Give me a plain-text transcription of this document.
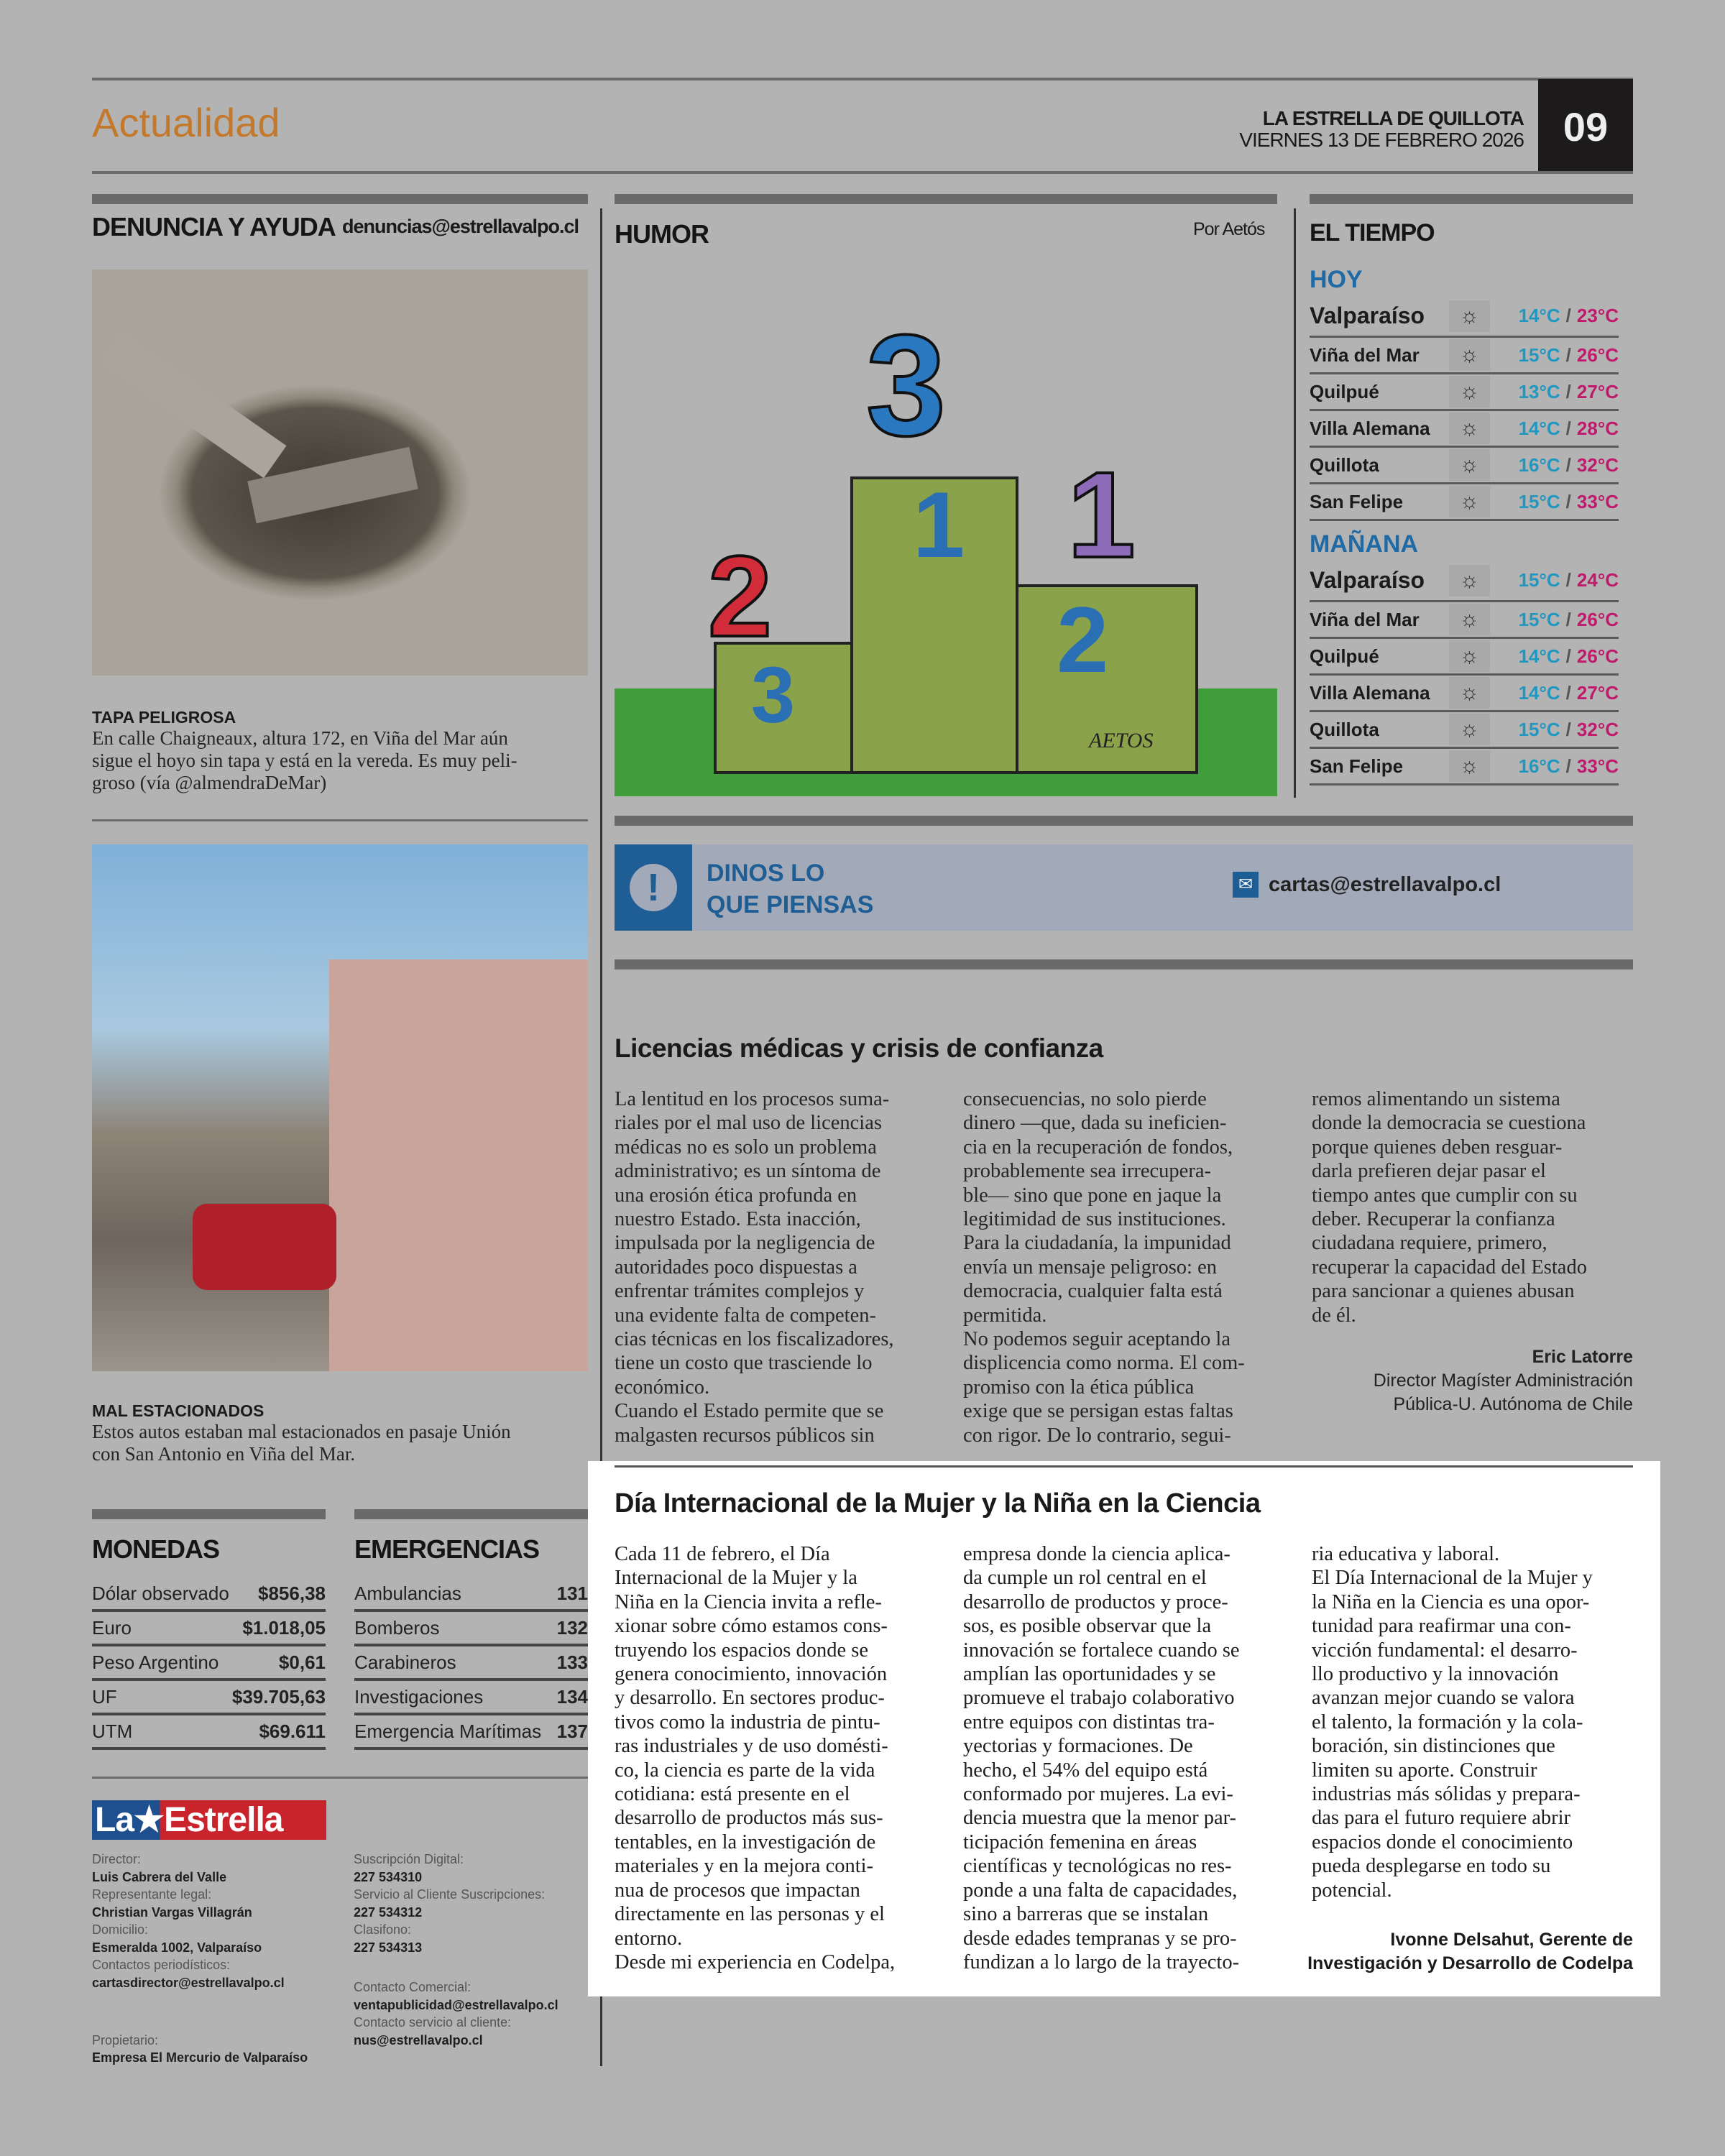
Actualidad	LA ESTRELLA DE QUILLOTA
VIERNES 13 DE FEBRERO 2026 09
DENUNCIA Y AYUDA denuncias@estrellavalpo.cl
TAPA PELIGROSA
En calle Chaigneaux, altura 172, en Viña del Mar aún
sigue el hoyo sin tapa y está en la vereda. Es muy peli-
groso (vía @almendraDeMar)
MAL ESTACIONADOS
Estos autos estaban mal estacionados en pasaje Unión
con San Antonio en Viña del Mar.
HUMOR	Por Aetós
1
2
3
3
2
1
AETOS
EL TIEMPO
HOY
Valparaíso	☼	14°C / 23°C
Viña del Mar	☼	15°C / 26°C
Quilpué	☼	13°C / 27°C
Villa Alemana	☼	14°C / 28°C
Quillota	☼	16°C / 32°C
San Felipe	☼	15°C / 33°C
MAÑANA
Valparaíso	☼	15°C / 24°C
Viña del Mar	☼	15°C / 26°C
Quilpué	☼	14°C / 26°C
Villa Alemana	☼	14°C / 27°C
Quillota	☼	15°C / 32°C
San Felipe	☼	16°C / 33°C
!	DINOS LO
QUE PIENSAS
✉ cartas@estrellavalpo.cl
Licencias médicas y crisis de confianza
La lentitud en los procesos suma-
riales por el mal uso de licencias
médicas no es solo un problema
administrativo; es un síntoma de
una erosión ética profunda en
nuestro Estado. Esta inacción,
impulsada por la negligencia de
autoridades poco dispuestas a
enfrentar trámites complejos y
una evidente falta de competen-
cias técnicas en los fiscalizadores,
tiene un costo que trasciende lo
económico.
Cuando el Estado permite que se
malgasten recursos públicos sin
consecuencias, no solo pierde
dinero —que, dada su ineficien-
cia en la recuperación de fondos,
probablemente sea irrecupera-
ble— sino que pone en jaque la
legitimidad de sus instituciones.
Para la ciudadanía, la impunidad
envía un mensaje peligroso: en
democracia, cualquier falta está
permitida.
No podemos seguir aceptando la
displicencia como norma. El com-
promiso con la ética pública
exige que se persigan estas faltas
con rigor. De lo contrario, segui-
remos alimentando un sistema
donde la democracia se cuestiona
porque quienes deben resguar-
darla prefieren dejar pasar el
tiempo antes que cumplir con su
deber. Recuperar la confianza
ciudadana requiere, primero,
recuperar la capacidad del Estado
para sancionar a quienes abusan
de él.
Eric Latorre
Director Magíster Administración
Pública-U. Autónoma de Chile
Día Internacional de la Mujer y la Niña en la Ciencia
Cada 11 de febrero, el Día
Internacional de la Mujer y la
Niña en la Ciencia invita a refle-
xionar sobre cómo estamos cons-
truyendo los espacios donde se
genera conocimiento, innovación
y desarrollo. En sectores produc-
tivos como la industria de pintu-
ras industriales y de uso domésti-
co, la ciencia es parte de la vida
cotidiana: está presente en el
desarrollo de productos más sus-
tentables, en la investigación de
materiales y en la mejora conti-
nua de procesos que impactan
directamente en las personas y el
entorno.
Desde mi experiencia en Codelpa,
empresa donde la ciencia aplica-
da cumple un rol central en el
desarrollo de productos y proce-
sos, es posible observar que la
innovación se fortalece cuando se
amplían las oportunidades y se
promueve el trabajo colaborativo
entre equipos con distintas tra-
yectorias y formaciones. De
hecho, el 54% del equipo está
conformado por mujeres. La evi-
dencia muestra que la menor par-
ticipación femenina en áreas
científicas y tecnológicas no res-
ponde a una falta de capacidades,
sino a barreras que se instalan
desde edades tempranas y se pro-
fundizan a lo largo de la trayecto-
ria educativa y laboral.
El Día Internacional de la Mujer y
la Niña en la Ciencia es una opor-
tunidad para reafirmar una con-
vicción fundamental: el desarro-
llo productivo y la innovación
avanzan mejor cuando se valora
el talento, la formación y la cola-
boración, sin distinciones que
limiten su aporte. Construir
industrias más sólidas y prepara-
das para el futuro requiere abrir
espacios donde el conocimiento
pueda desplegarse en todo su
potencial.
Ivonne Delsahut, Gerente de
Investigación y Desarrollo de Codelpa
MONEDAS	EMERGENCIAS
Dólar observado $856,38
Euro	$1.018,05
Peso Argentino	$0,61
UF	$39.705,63
UTM	$69.611
Ambulancias	131
Bomberos	132
Carabineros	133
Investigaciones	134
Emergencia Marítimas 137
La★Estrella
Director:
Luis Cabrera del Valle
Representante legal:
Christian Vargas Villagrán
Domicilio:
Esmeralda 1002, Valparaíso
Contactos periodísticos:
cartasdirector@estrellavalpo.cl

Propietario:
Empresa El Mercurio de Valparaíso

Suscripción Digital:
227 534310
Servicio al Cliente Suscripciones:
227 534312
Clasifono:
227 534313
Contacto Comercial:
ventapublicidad@estrellavalpo.cl
Contacto servicio al cliente:
nus@estrellavalpo.cl
